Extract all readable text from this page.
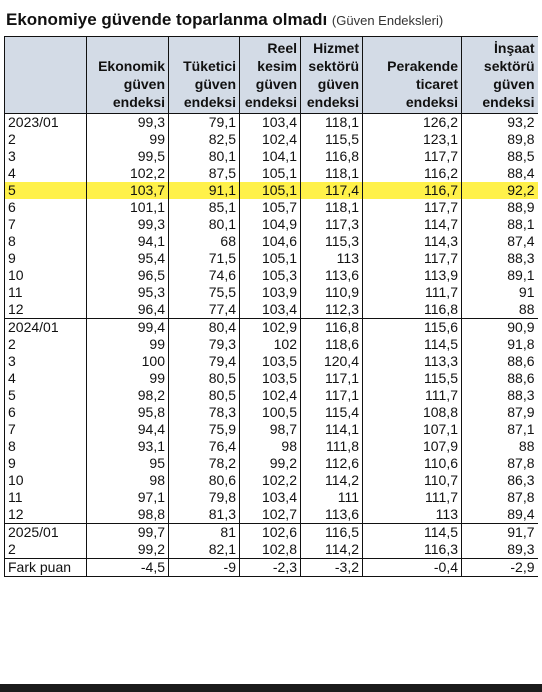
Ekonomiye güvende toparlanma olmadı (Güven Endeksleri)
	Ekonomik güven endeksi	Tüketici güven endeksi	Reel kesim güven endeksi	Hizmet sektörü güven endeksi	Perakende ticaret endeksi	İnşaat sektörü güven endeksi
2023/01	99,3	79,1	103,4	118,1	126,2	93,2
2	99	82,5	102,4	115,5	123,1	89,8
3	99,5	80,1	104,1	116,8	117,7	88,5
4	102,2	87,5	105,1	118,1	116,2	88,4
5	103,7	91,1	105,1	117,4	116,7	92,2
6	101,1	85,1	105,7	118,1	117,7	88,9
7	99,3	80,1	104,9	117,3	114,7	88,1
8	94,1	68	104,6	115,3	114,3	87,4
9	95,4	71,5	105,1	113	117,7	88,3
10	96,5	74,6	105,3	113,6	113,9	89,1
11	95,3	75,5	103,9	110,9	111,7	91
12	96,4	77,4	103,4	112,3	116,8	88
2024/01	99,4	80,4	102,9	116,8	115,6	90,9
2	99	79,3	102	118,6	114,5	91,8
3	100	79,4	103,5	120,4	113,3	88,6
4	99	80,5	103,5	117,1	115,5	88,6
5	98,2	80,5	102,4	117,1	111,7	88,3
6	95,8	78,3	100,5	115,4	108,8	87,9
7	94,4	75,9	98,7	114,1	107,1	87,1
8	93,1	76,4	98	111,8	107,9	88
9	95	78,2	99,2	112,6	110,6	87,8
10	98	80,6	102,2	114,2	110,7	86,3
11	97,1	79,8	103,4	111	111,7	87,8
12	98,8	81,3	102,7	113,6	113	89,4
2025/01	99,7	81	102,6	116,5	114,5	91,7
2	99,2	82,1	102,8	114,2	116,3	89,3
Fark puan	-4,5	-9	-2,3	-3,2	-0,4	-2,9
